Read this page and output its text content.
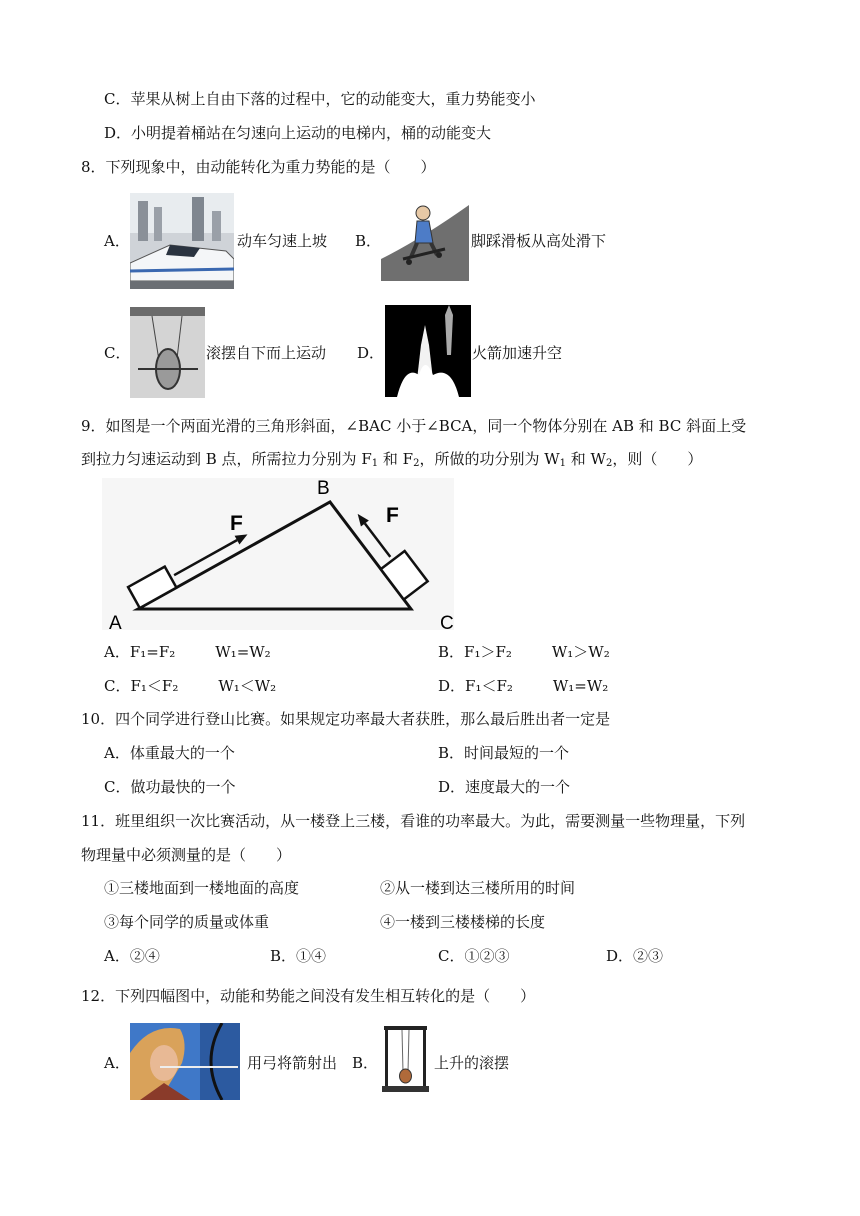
C．苹果从树上自由下落的过程中，它的动能变大，重力势能变小
D．小明提着桶站在匀速向上运动的电梯内，桶的动能变大
8．下列现象中，由动能转化为重力势能的是（　　）
A．	动车匀速上坡 B．	脚踩滑板从高处滑下
C．	滚摆自下而上运动 D．	火箭加速升空
9．如图是一个两面光滑的三角形斜面，∠BAC 小于∠BCA，同一个物体分别在 AB 和 BC 斜面上受
到拉力匀速运动到 B 点，所需拉力分别为 $F_1$ 和 $F_2$，所做的功分别为 $W_1$ 和 $W_2$，则（　　）
A
B
C
F	F
A．F₁=F₂	W₁=W₂	B．F₁＞F₂	W₁＞W₂
C．F₁＜F₂	W₁＜W₂	D．F₁＜F₂	W₁=W₂
10．四个同学进行登山比赛。如果规定功率最大者获胜，那么最后胜出者一定是
A．体重最大的一个	B．时间最短的一个
C．做功最快的一个	D．速度最大的一个
11．班里组织一次比赛活动，从一楼登上三楼，看谁的功率最大。为此，需要测量一些物理量，下列
物理量中必须测量的是（　　）
①三楼地面到一楼地面的高度	②从一楼到达三楼所用的时间
③每个同学的质量或体重	④一楼到三楼楼梯的长度
A．②④	B．①④	C．①②③	D．②③
12．下列四幅图中，动能和势能之间没有发生相互转化的是（　　）
A．	用弓将箭射出 B．	上升的滚摆
